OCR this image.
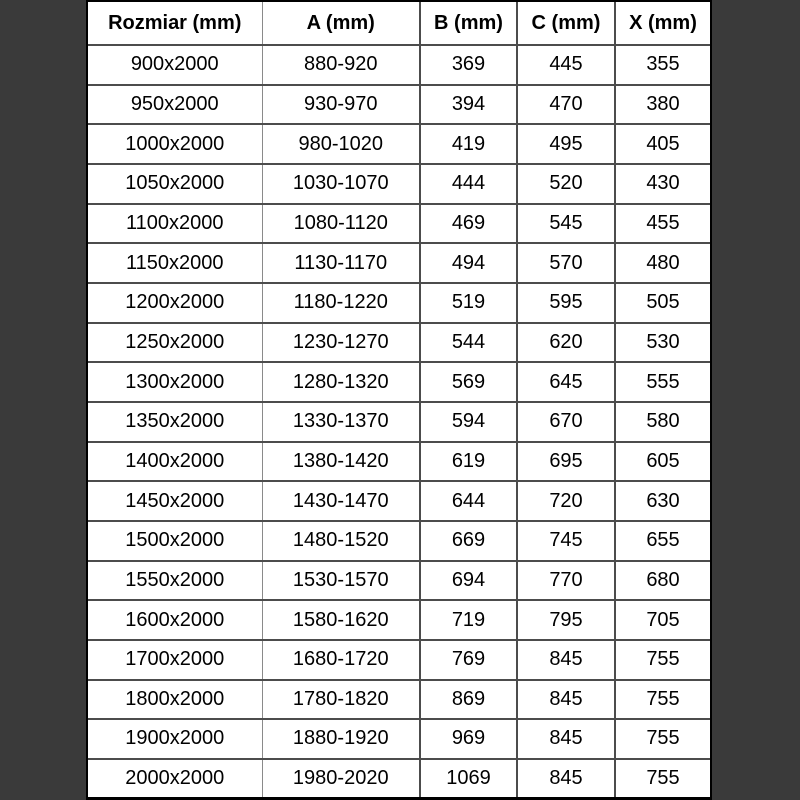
Rozmiar (mm)	A (mm)	B (mm)	C (mm)	X (mm)
900x2000	880-920	369	445	355
950x2000	930-970	394	470	380
1000x2000	980-1020	419	495	405
1050x2000	1030-1070	444	520	430
1100x2000	1080-1120	469	545	455
1150x2000	1130-1170	494	570	480
1200x2000	1180-1220	519	595	505
1250x2000	1230-1270	544	620	530
1300x2000	1280-1320	569	645	555
1350x2000	1330-1370	594	670	580
1400x2000	1380-1420	619	695	605
1450x2000	1430-1470	644	720	630
1500x2000	1480-1520	669	745	655
1550x2000	1530-1570	694	770	680
1600x2000	1580-1620	719	795	705
1700x2000	1680-1720	769	845	755
1800x2000	1780-1820	869	845	755
1900x2000	1880-1920	969	845	755
2000x2000	1980-2020	1069	845	755
